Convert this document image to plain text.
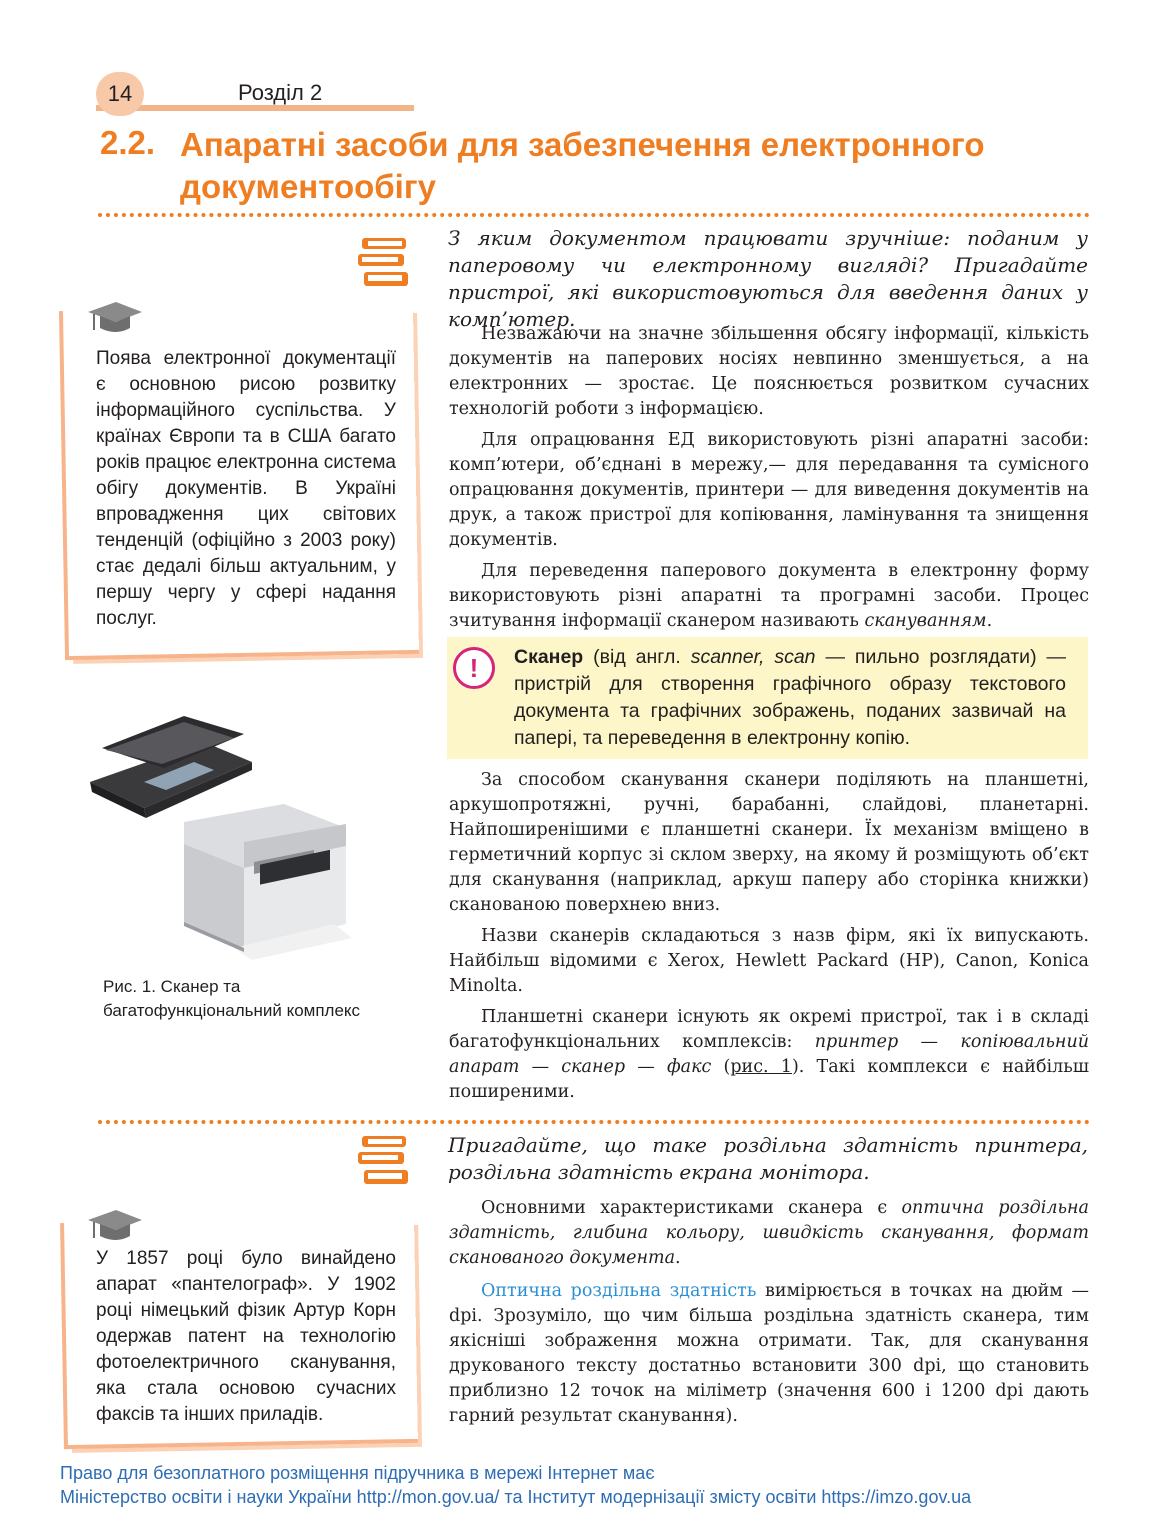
14	Розділ 2
2.2. Апаратні засоби для забезпечення електронного документообігу
З яким документом працювати зручніше: поданим у паперовому чи електронному вигляді? Пригадайте пристрої, які використовуються для введення даних у комп’ютер.
Поява електронної документації є основною рисою розвитку інформаційного суспільства. У країнах Європи та в США багато років працює електронна система обігу документів. В Україні впровадження цих світових тенденцій (офіційно з 2003 року) стає дедалі більш актуальним, у першу чергу у сфері надання послуг.

Незважаючи на значне збільшення обсягу інформації, кількість документів на паперових носіях невпинно зменшується, а на електронних — зростає. Це пояснюється розвитком сучасних технологій роботи з інформацією.

Для опрацювання ЕД використовують різні апаратні засоби: комп’ютери, об’єднані в мережу,— для передавання та сумісного опрацювання документів, принтери — для виведення документів на друк, а також пристрої для копіювання, ламінування та знищення документів.

Для переведення паперового документа в електронну форму використовують різні апаратні та програмні засоби. Процес зчитування інформації сканером називають скануванням.

!	Сканер (від англ. scanner, scan — пильно розглядати) — пристрій для створення графічного образу текстового документа та графічних зображень, поданих зазвичай на папері, та переведення в електронну копію.
Рис. 1. Сканер та багатофункціональний комплекс

За способом сканування сканери поділяють на планшетні, аркушопротяжні, ручні, барабанні, слайдові, планетарні. Найпоширенішими є планшетні сканери. Їх механізм вміщено в герметичний корпус зі склом зверху, на якому й розміщують об’єкт для сканування (наприклад, аркуш паперу або сторінка книжки) сканованою поверхнею вниз.

Назви сканерів складаються з назв фірм, які їх випускають. Найбільш відомими є Xerox, Hewlett Packard (HP), Canon, Konica Minolta.

Планшетні сканери існують як окремі пристрої, так і в складі багатофункціональних комплексів: принтер — копіювальний апарат — сканер — факс (рис. 1). Такі комплекси є найбільш поширеними.

Пригадайте, що таке роздільна здатність принтера, роздільна здатність екрана монітора.
У 1857 році було винайдено апарат «пантелограф». У 1902 році німецький фізик Артур Корн одержав патент на технологію фотоелектричного сканування, яка стала основою сучасних факсів та інших приладів.

Основними характеристиками сканера є оптична роздільна здатність, глибина кольору, швидкість сканування, формат сканованого документа.

Оптична роздільна здатність вимірюється в точках на дюйм — dpi. Зрозуміло, що чим більша роздільна здатність сканера, тим якісніші зображення можна отримати. Так, для сканування друкованого тексту достатньо встановити 300 dpi, що становить приблизно 12 точок на міліметр (значення 600 і 1200 dpi дають гарний результат сканування).

Право для безоплатного розміщення підручника в мережі Інтернет має
Міністерство освіти і науки України http://mon.gov.ua/ та Інститут модернізації змісту освіти https://imzo.gov.ua
